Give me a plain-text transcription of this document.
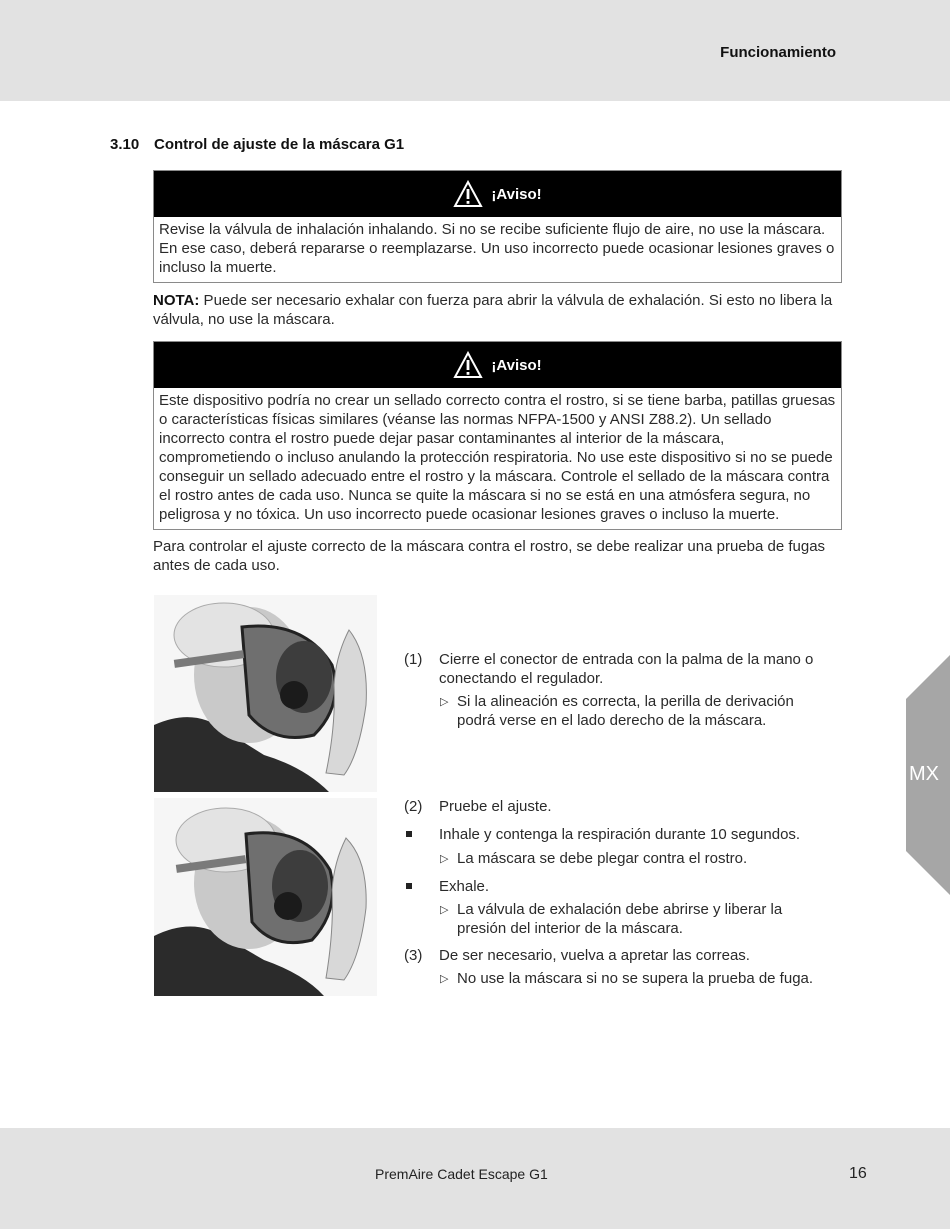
Funcionamiento
3.10 Control de ajuste de la máscara G1
¡Aviso!
Revise la válvula de inhalación inhalando. Si no se recibe suficiente flujo de aire, no use la máscara. En ese caso, deberá repararse o reemplazarse. Un uso incorrecto puede ocasionar lesiones graves o incluso la muerte.
NOTA: Puede ser necesario exhalar con fuerza para abrir la válvula de exhalación. Si esto no libera la válvula, no use la máscara.
¡Aviso!
Este dispositivo podría no crear un sellado correcto contra el rostro, si se tiene barba, patillas gruesas o características físicas similares (véanse las normas NFPA-1500 y ANSI Z88.2). Un sellado incorrecto contra el rostro puede dejar pasar contaminantes al interior de la máscara, comprometiendo o incluso anulando la protección respiratoria. No use este dispositivo si no se puede conseguir un sellado adecuado entre el rostro y la máscara. Controle el sellado de la máscara contra el rostro antes de cada uso. Nunca se quite la máscara si no se está en una atmósfera segura, no peligrosa y no tóxica. Un uso incorrecto puede ocasionar lesiones graves o incluso la muerte.
Para controlar el ajuste correcto de la máscara contra el rostro, se debe realizar una prueba de fugas antes de cada uso.
(1) Cierre el conector de entrada con la palma de la mano o conectando el regulador.
▷ Si la alineación es correcta, la perilla de derivación podrá verse en el lado derecho de la máscara.
(2) Pruebe el ajuste.
Inhale y contenga la respiración durante 10 segundos.
▷ La máscara se debe plegar contra el rostro.
Exhale.
▷ La válvula de exhalación debe abrirse y liberar la presión del interior de la máscara.
(3) De ser necesario, vuelva a apretar las correas.
▷ No use la máscara si no se supera la prueba de fuga.
MX
PremAire Cadet Escape G1	16
